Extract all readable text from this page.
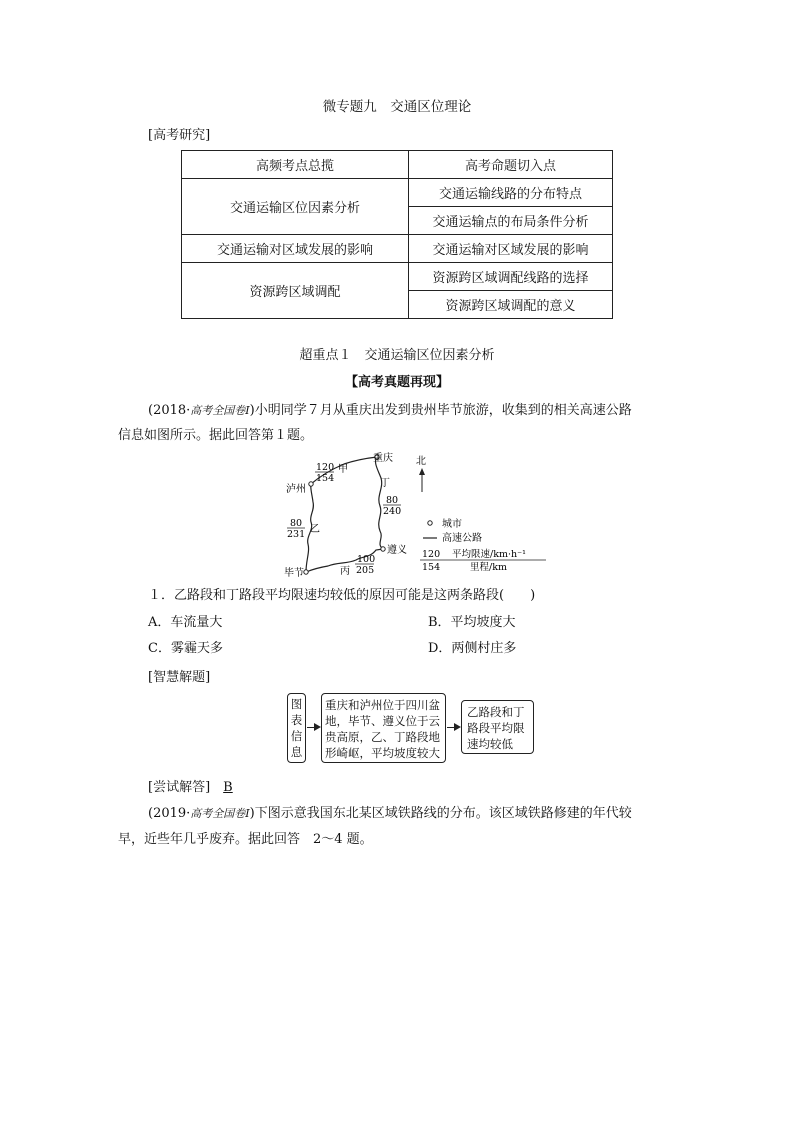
微专题九　交通区位理论
[高考研究]
高频考点总揽	高考命题切入点
交通运输区位因素分析	交通运输线路的分布特点
	交通运输点的布局条件分析
交通运输对区域发展的影响	交通运输对区域发展的影响
资源跨区域调配	资源跨区域调配线路的选择
	资源跨区域调配的意义
超重点１　交通运输区位因素分析
【高考真题再现】
(2018·高考全国卷Ⅰ)小明同学７月从重庆出发到贵州毕节旅游，收集到的相关高速公路
信息如图所示。据此回答第１题。
重庆
泸州
遵义
毕节
甲
120
154	丁
80
240
乙
80
231
丙
100
205
北
城市
高速公路
120
154
平均限速/km·h⁻¹
里程/km
１．乙路段和丁路段平均限速均较低的原因可能是这两条路段(　　)
A．车流量大	B．平均坡度大
C．雾霾天多	D．两侧村庄多
[智慧解题]
图
表
信
息
重庆和泸州位于四川盆
地，毕节、遵义位于云
贵高原，乙、丁路段地
形崎岖，平均坡度较大
乙路段和丁
路段平均限
速均较低
[尝试解答]　 B
(2019·高考全国卷Ⅰ)下图示意我国东北某区域铁路线的分布。该区域铁路修建的年代较
早，近些年几乎废弃。据此回答　2～4 题。
